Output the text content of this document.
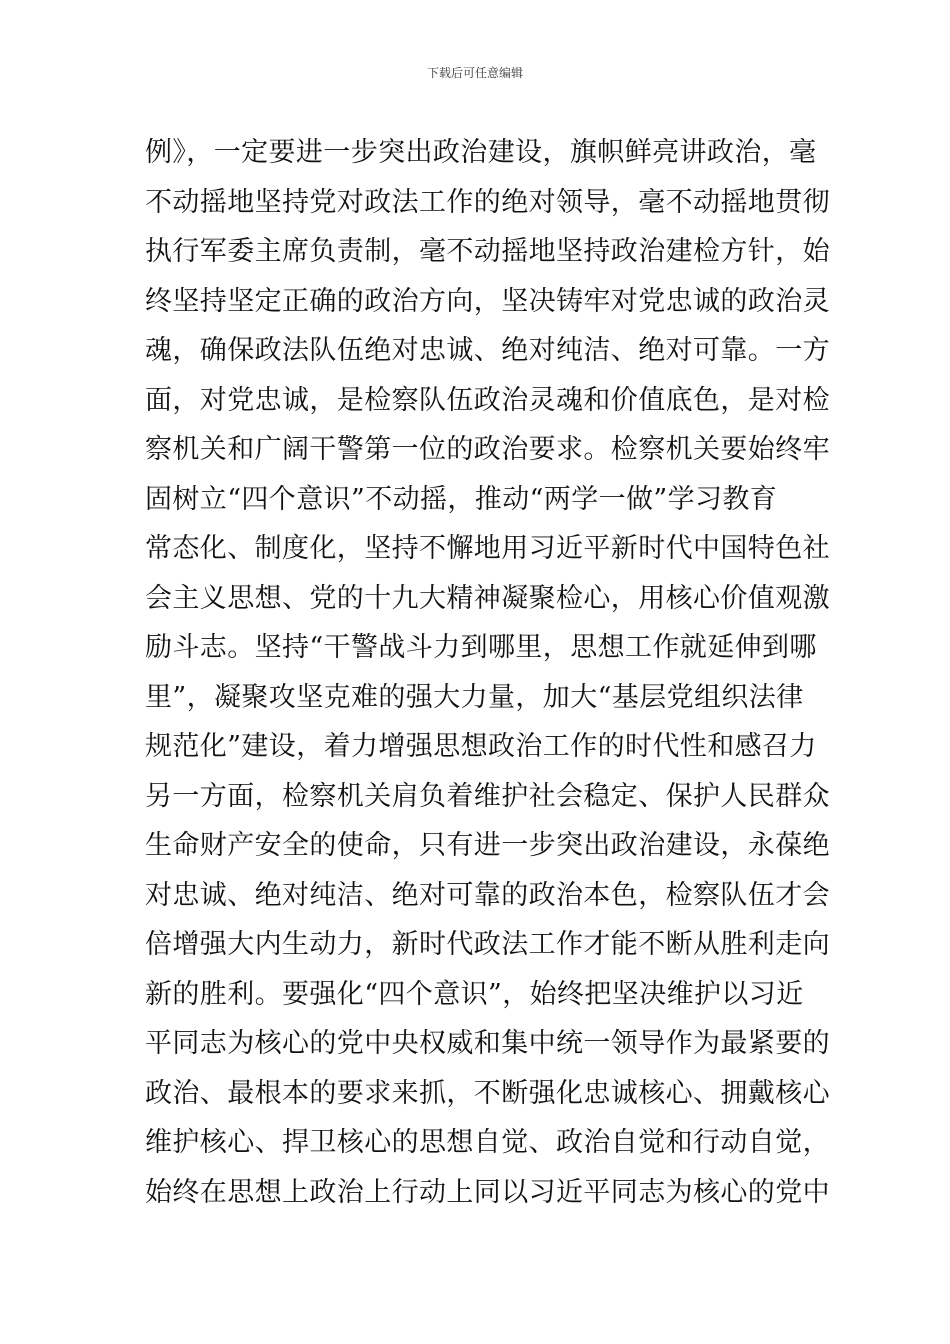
下载后可任意编辑
例》，一定要进一步突出政治建设，旗帜鲜亮讲政治，毫
不动摇地坚持党对政法工作的绝对领导，毫不动摇地贯彻
执行军委主席负责制，毫不动摇地坚持政治建检方针，始
终坚持坚定正确的政治方向，坚决铸牢对党忠诚的政治灵
魂，确保政法队伍绝对忠诚、绝对纯洁、绝对可靠。一方
面，对党忠诚，是检察队伍政治灵魂和价值底色，是对检
察机关和广阔干警第一位的政治要求。检察机关要始终牢
固树立“四个意识”不动摇，推动“两学一做”学习教育
常态化、制度化，坚持不懈地用习近平新时代中国特色社
会主义思想、党的十九大精神凝聚检心，用核心价值观激
励斗志。坚持“干警战斗力到哪里，思想工作就延伸到哪
里”，凝聚攻坚克难的强大力量，加大“基层党组织法律
规范化”建设，着力增强思想政治工作的时代性和感召力
另一方面，检察机关肩负着维护社会稳定、保护人民群众
生命财产安全的使命，只有进一步突出政治建设，永葆绝
对忠诚、绝对纯洁、绝对可靠的政治本色，检察队伍才会
倍增强大内生动力，新时代政法工作才能不断从胜利走向
新的胜利。要强化“四个意识”，始终把坚决维护以习近
平同志为核心的党中央权威和集中统一领导作为最紧要的
政治、最根本的要求来抓，不断强化忠诚核心、拥戴核心
维护核心、捍卫核心的思想自觉、政治自觉和行动自觉，
始终在思想上政治上行动上同以习近平同志为核心的党中
